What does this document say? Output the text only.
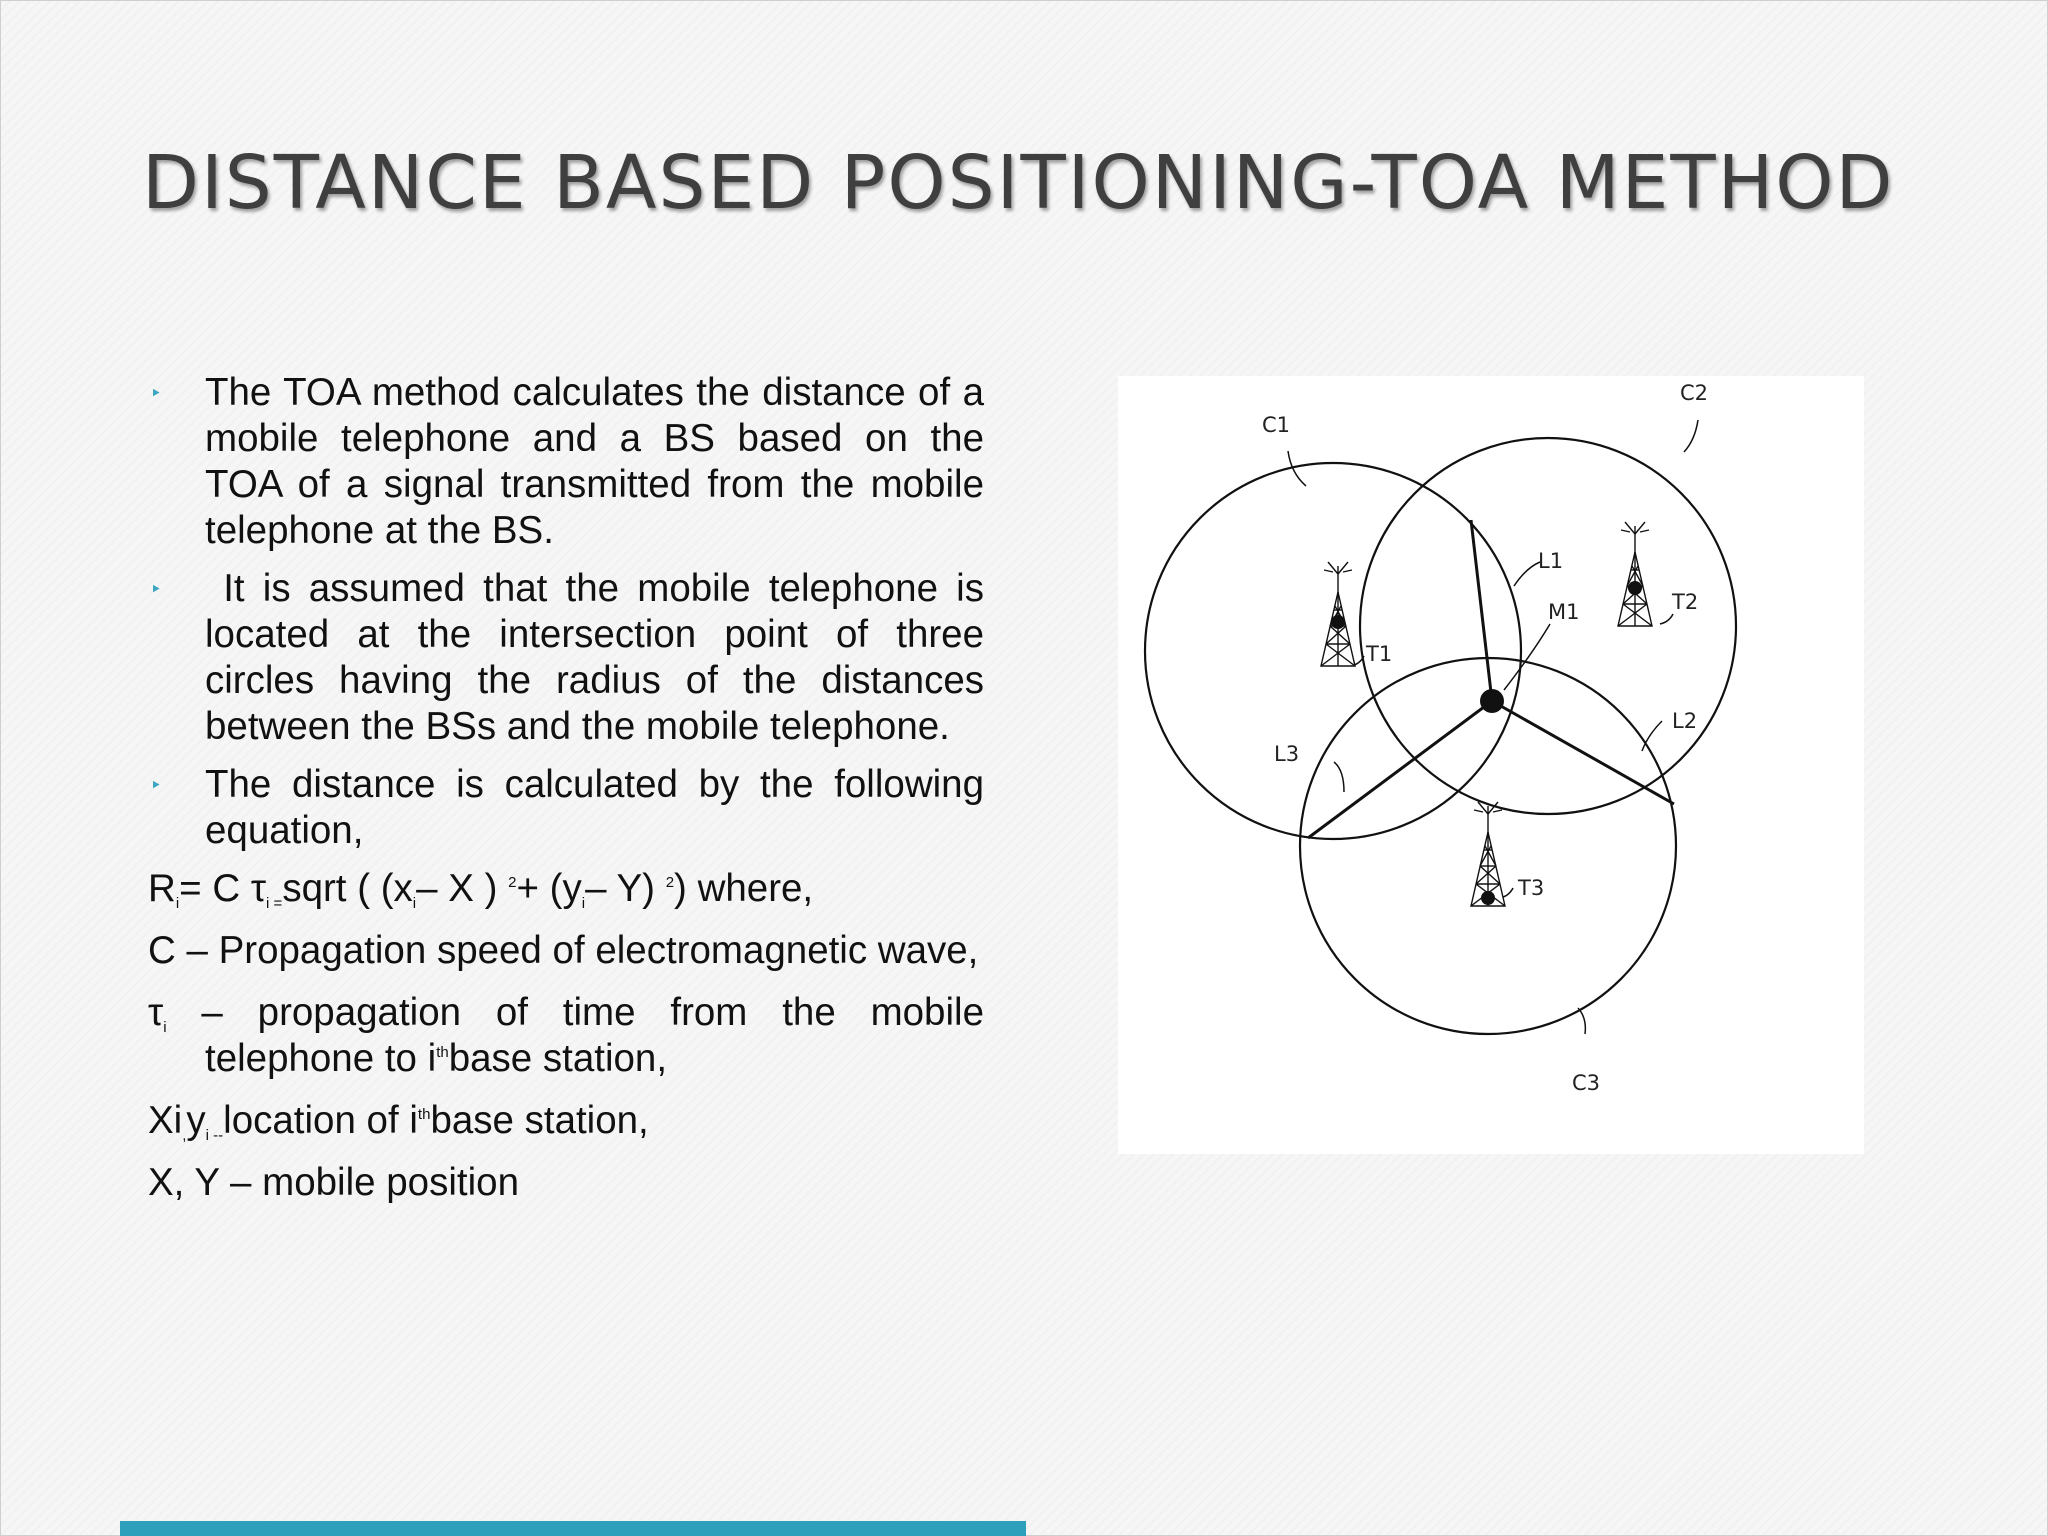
DISTANCE BASED POSITIONING-TOA METHOD
‣ The TOA method calculates the distance of a mobile telephone and a BS based on the TOA of a signal transmitted from the mobile telephone at the BS.
‣ It is assumed that the mobile telephone is located at the intersection point of three circles having the radius of the distances between the BSs and the mobile telephone.
‣ The distance is calculated by the following equation,
$R_i= C$ $\tau_{i =}sqrt$ ( ($x_i-$ X ) $^2+ (y_i-$ Y) $^2$) where,
C – Propagation speed of electromagnetic wave,
$\tau_i$ – propagation of time from the mobile telephone to $i^{th}base$ station,
$Xi_,y_{i --}location$ of $i^{th}base$ station,
X, Y – mobile position
C1
C2
C3
L1
L2
L3
M1
T1
T2
T3
